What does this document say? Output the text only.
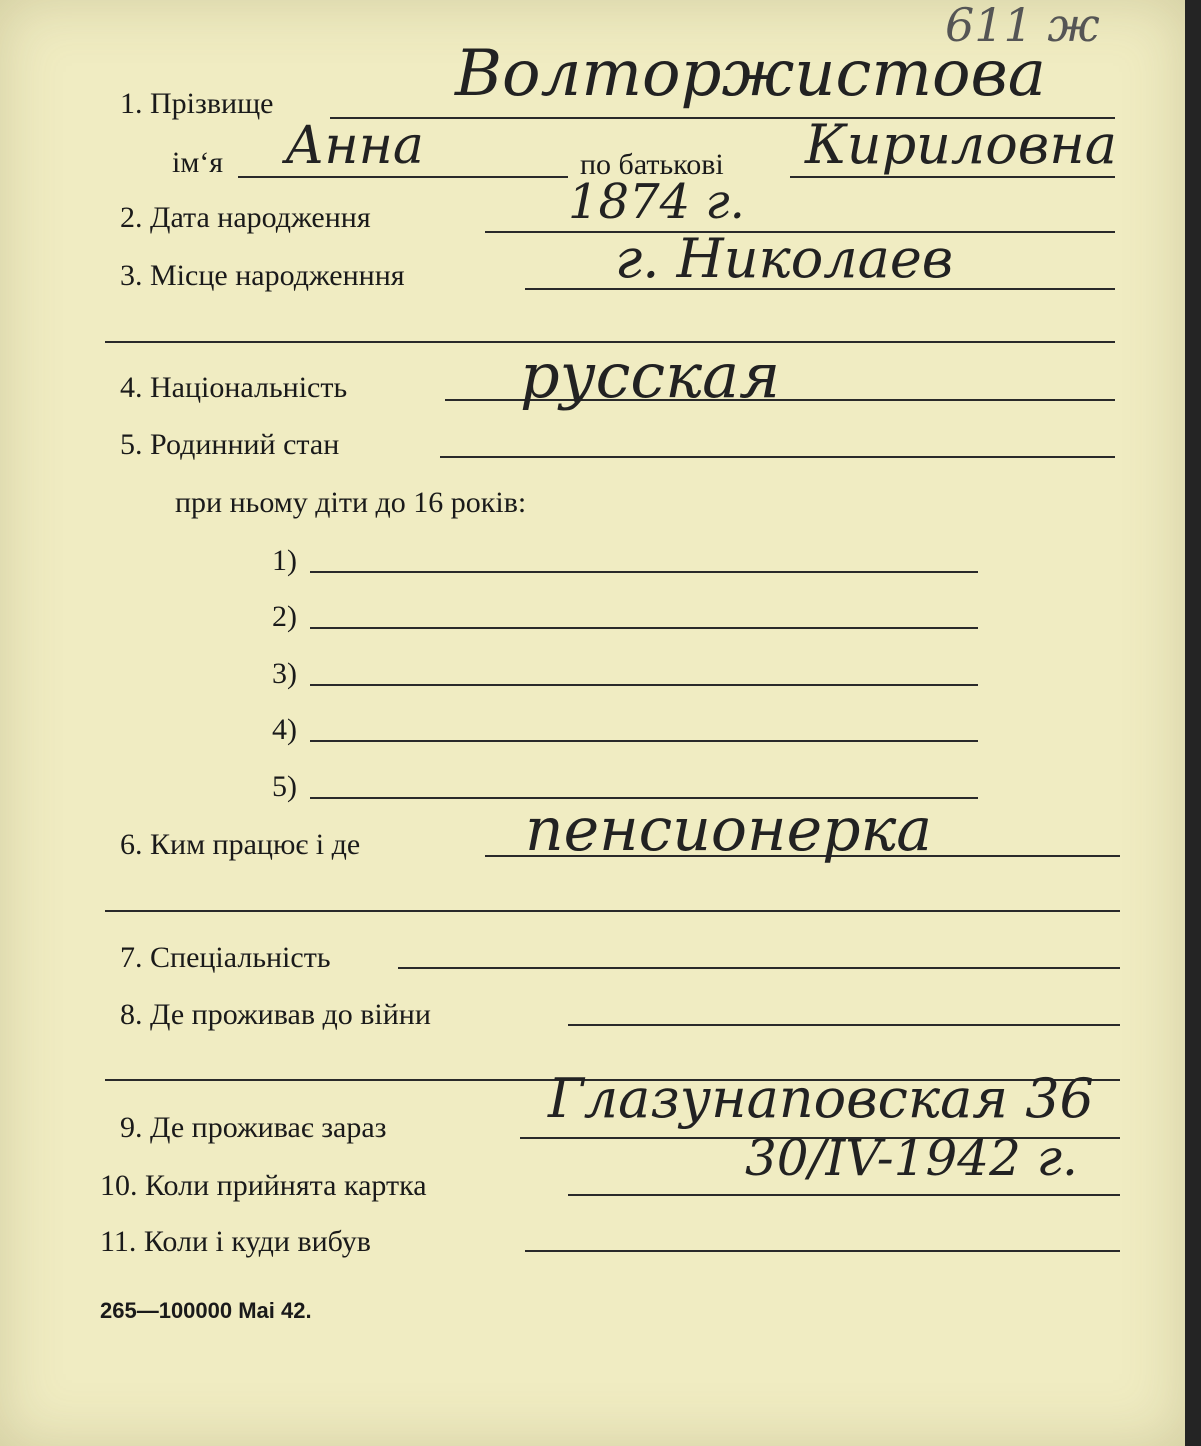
611 ж
1. Прізвище	Волторжистова
ім‘я Анна	по батькові Кириловна
2. Дата народження	1874 г.
3. Місце народженння	г. Николаев
4. Національність	русская
5. Родинний стан
при ньому діти до 16 років:
1)
2)
3)
4)
5)
6. Ким працює і де	пенсионерка
7. Спеціальність
8. Де проживав до війни
9. Де проживає зараз	Глазунаповская 36
10. Коли прийнята картка	30/IV-1942 г.
11. Коли і куди вибув
265—100000 Mai 42.
